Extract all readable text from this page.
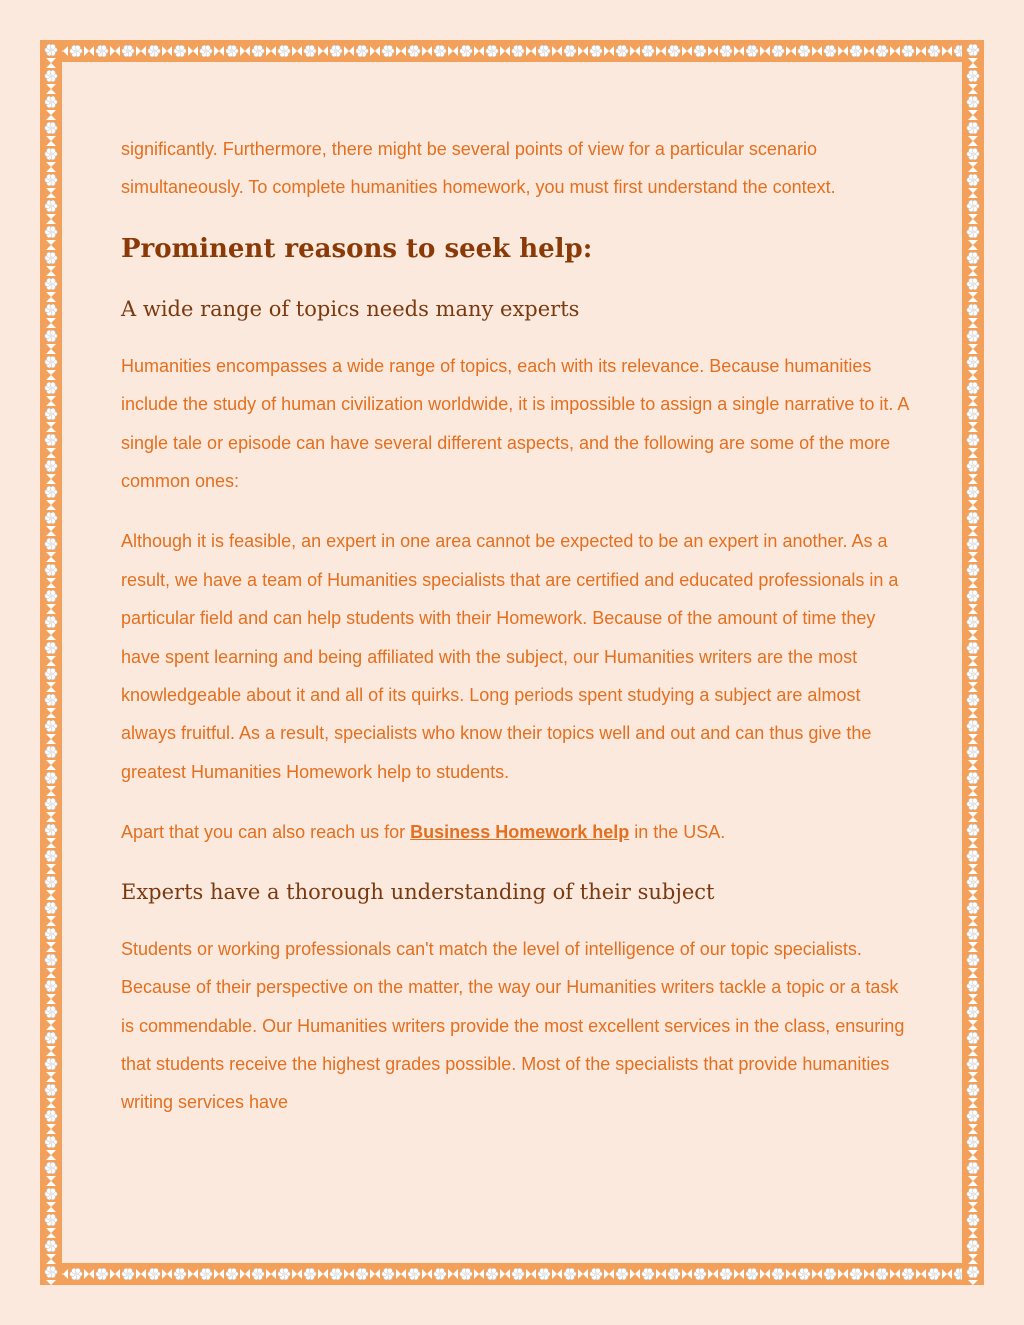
significantly. Furthermore, there might be several points of view for a particular scenario simultaneously. To complete humanities homework, you must first understand the context.

Prominent reasons to seek help:
A wide range of topics needs many experts

Humanities encompasses a wide range of topics, each with its relevance. Because humanities include the study of human civilization worldwide, it is impossible to assign a single narrative to it. A single tale or episode can have several different aspects, and the following are some of the more common ones:

Although it is feasible, an expert in one area cannot be expected to be an expert in another. As a result, we have a team of Humanities specialists that are certified and educated professionals in a particular field and can help students with their Homework. Because of the amount of time they have spent learning and being affiliated with the subject, our Humanities writers are the most knowledgeable about it and all of its quirks. Long periods spent studying a subject are almost always fruitful. As a result, specialists who know their topics well and out and can thus give the greatest Humanities Homework help to students.

Apart that you can also reach us for Business Homework help in the USA.

Experts have a thorough understanding of their subject

Students or working professionals can't match the level of intelligence of our topic specialists. Because of their perspective on the matter, the way our Humanities writers tackle a topic or a task is commendable. Our Humanities writers provide the most excellent services in the class, ensuring that students receive the highest grades possible. Most of the specialists that provide humanities writing services have
